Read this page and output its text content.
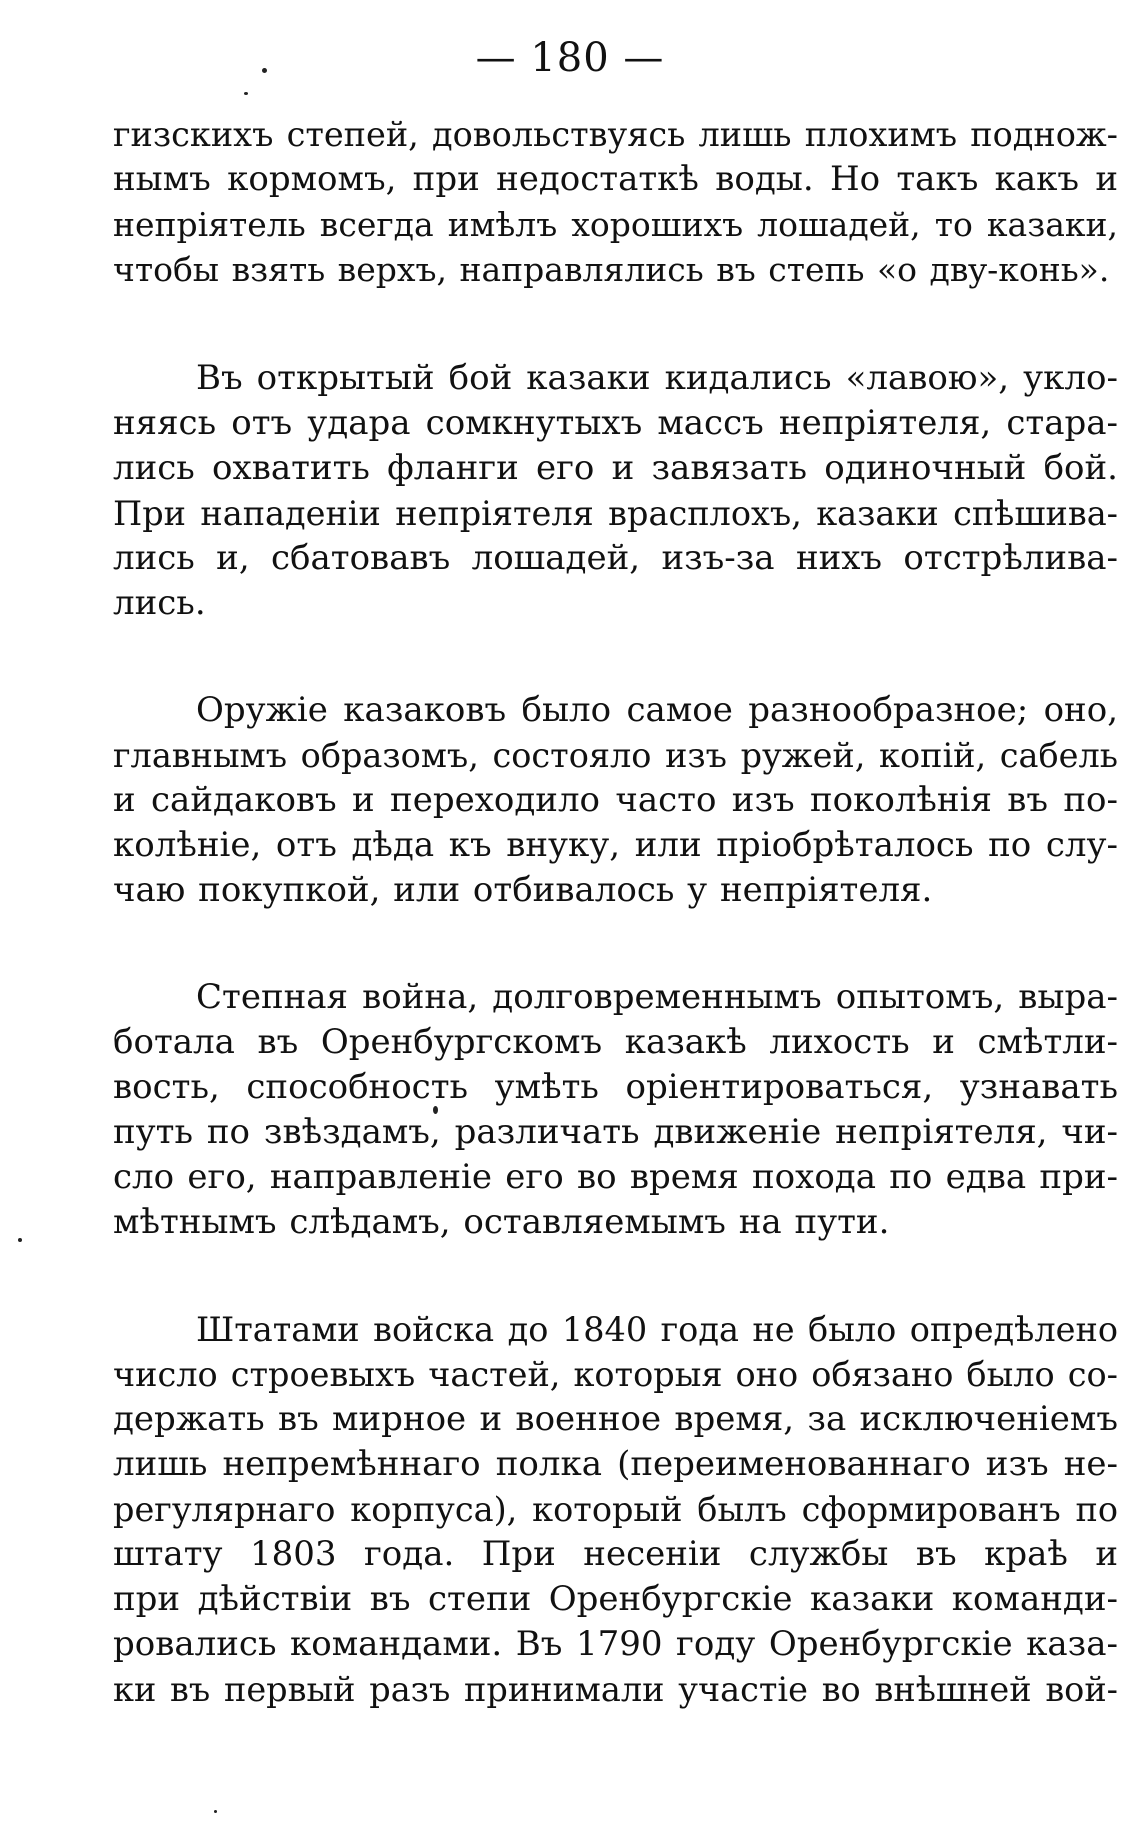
— 180 —
гизскихъ степей, довольствуясь лишь плохимъ поднож-
нымъ кормомъ, при недостаткѣ воды. Но такъ какъ и
непріятель всегда имѣлъ хорошихъ лошадей, то казаки,
чтобы взять верхъ, направлялись въ степь «о двy-конь».
Въ открытый бой казаки кидались «лавою», укло-
няясь отъ удара сомкнутыхъ массъ непріятеля, стара-
лись охватить фланги его и завязать одиночный бой.
При нападеніи непріятеля врасплохъ, казаки спѣшива-
лись и, сбатовавъ лошадей, изъ-за нихъ отстрѣлива-
лись.
Оружіе казаковъ было самое разнообразное; оно,
главнымъ образомъ, состояло изъ ружей, копій, сабель
и сайдаковъ и переходило часто изъ поколѣнія въ по-
колѣніе, отъ дѣда къ внуку, или пріобрѣталось по слу-
чаю покупкой, или отбивалось у непріятеля.
Степная война, долговременнымъ опытомъ, выра-
ботала въ Оренбургскомъ казакѣ лихость и смѣтли-
вость, способность умѣть оріентироваться, узнавать
путь по звѣздамъ, различать движеніе непріятеля, чи-
сло его, направленіе его во время похода по едва при-
мѣтнымъ слѣдамъ, оставляемымъ на пути.
Штатами войска до 1840 года не было опредѣлено
число строевыхъ частей, которыя оно обязано было со-
держать въ мирное и военное время, за исключеніемъ
лишь непремѣннаго полка (переименованнаго изъ не-
регулярнаго корпуса), который былъ сформированъ по
штату 1803 года. При несеніи службы въ краѣ и
при дѣйствіи въ степи Оренбургскіе казаки команди-
ровались командами. Въ 1790 году Оренбургскіе каза-
ки въ первый разъ принимали участіе во внѣшней вой-
